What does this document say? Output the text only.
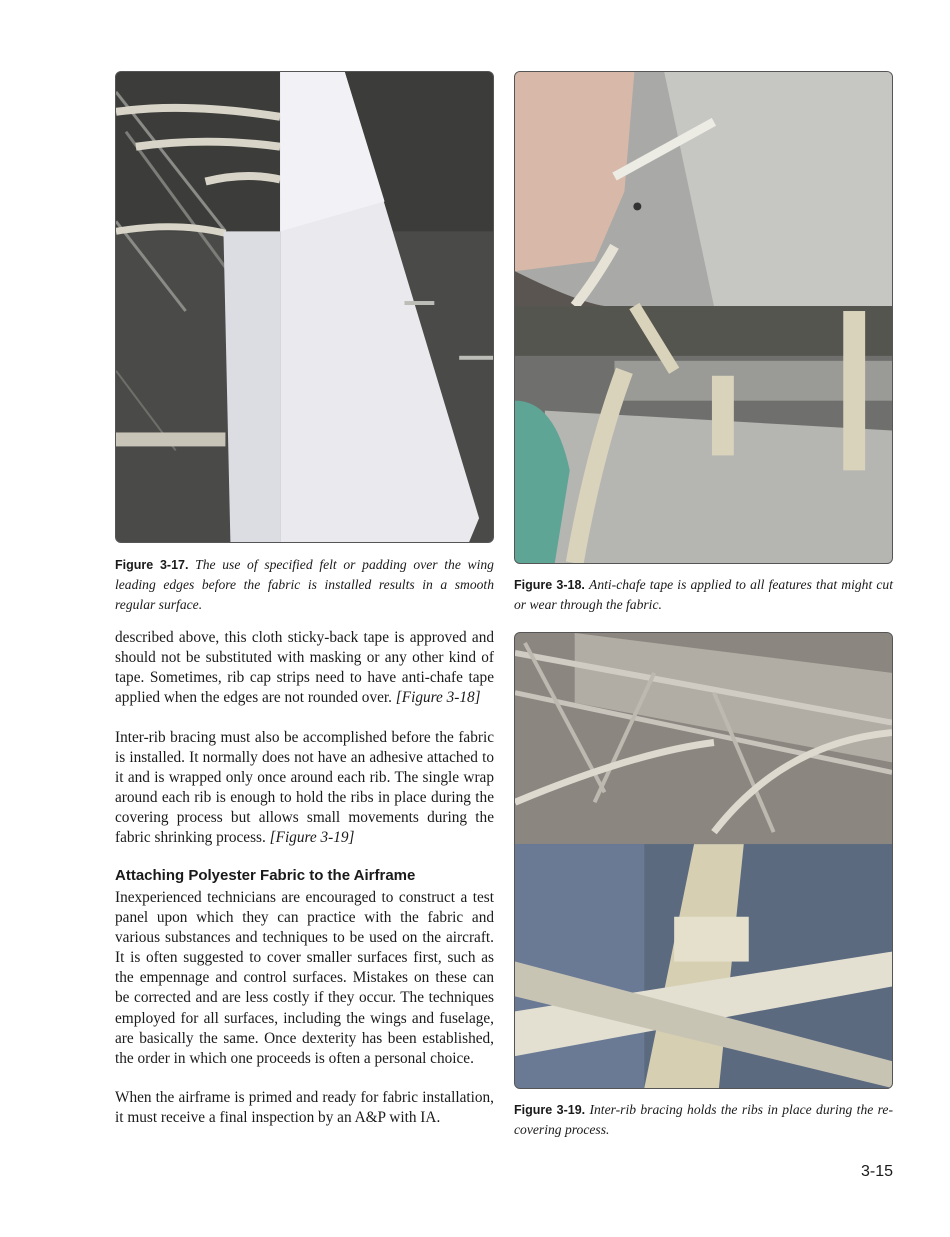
Figure 3-17. The use of specified felt or padding over the wing leading edges before the fabric is installed results in a smooth regular surface.
Figure 3-18. Anti-chafe tape is applied to all features that might cut or wear through the fabric.
Figure 3-19. Inter-rib bracing holds the ribs in place during the re-covering process.

described above, this cloth sticky-back tape is approved and should not be substituted with masking or any other kind of tape. Sometimes, rib cap strips need to have anti-chafe tape applied when the edges are not rounded over. [Figure 3-18]

Inter-rib bracing must also be accomplished before the fabric is installed. It normally does not have an adhesive attached to it and is wrapped only once around each rib. The single wrap around each rib is enough to hold the ribs in place during the covering process but allows small movements during the fabric shrinking process. [Figure 3-19]

Attaching Polyester Fabric to the Airframe

Inexperienced technicians are encouraged to construct a test panel upon which they can practice with the fabric and various substances and techniques to be used on the aircraft. It is often suggested to cover smaller surfaces first, such as the empennage and control surfaces. Mistakes on these can be corrected and are less costly if they occur. The techniques employed for all surfaces, including the wings and fuselage, are basically the same. Once dexterity has been established, the order in which one proceeds is often a personal choice.

When the airframe is primed and ready for fabric installation, it must receive a final inspection by an A&P with IA.

3-15
